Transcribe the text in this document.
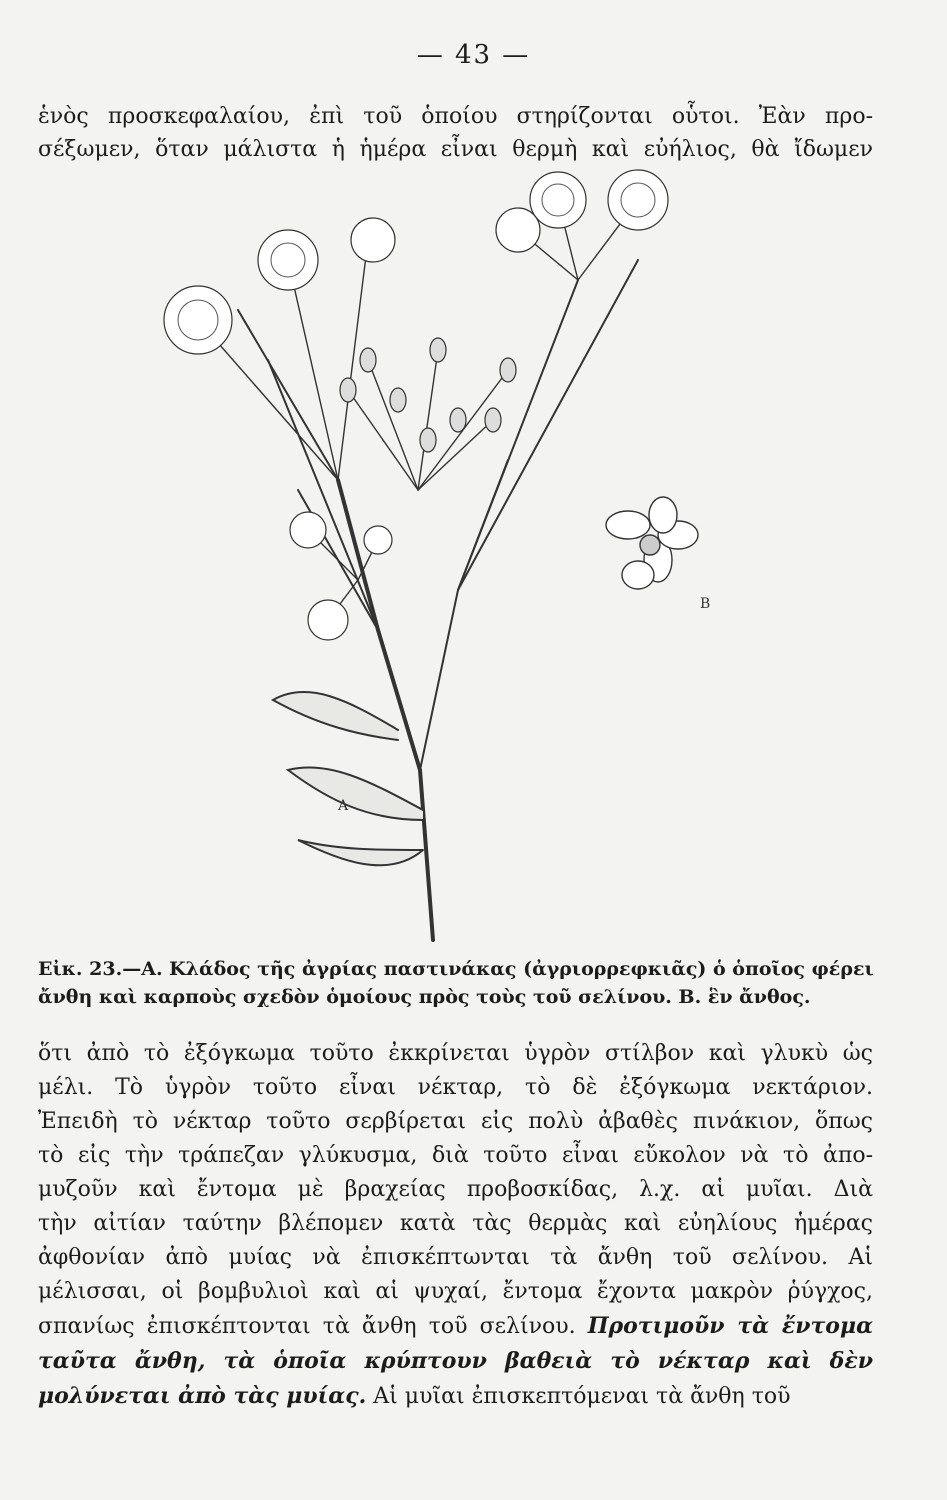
— 43 —
ἑνὸς προσκεφαλαίου, ἐπὶ τοῦ ὁποίου στηρίζονται οὗτοι. Ἐὰν προ-
σέξωμεν, ὅταν μάλιστα ἡ ἡμέρα εἶναι θερμὴ καὶ εὐήλιος, θὰ ἴδωμεν
Α
Β
Εἰκ. 23.—Α. Κλάδος τῆς ἀγρίας παστινάκας (ἀγριορρεφκιᾶς) ὁ ὁποῖος φέρει
ἄνθη καὶ καρποὺς σχεδὸν ὁμοίους πρὸς τοὺς τοῦ σελίνου. Β. ἓν ἄνθος.
ὅτι ἀπὸ τὸ ἐξόγκωμα τοῦτο ἐκκρίνεται ὑγρὸν στίλβον καὶ γλυκὺ ὡς
μέλι. Τὸ ὑγρὸν τοῦτο εἶναι νέκταρ, τὸ δὲ ἐξόγκωμα νεκτάριον.
Ἐπειδὴ τὸ νέκταρ τοῦτο σερβίρεται εἰς πολὺ ἀβαθὲς πινάκιον, ὅπως
τὸ εἰς τὴν τράπεζαν γλύκυσμα, διὰ τοῦτο εἶναι εὔκολον νὰ τὸ ἀπο-
μυζοῦν καὶ ἔντομα μὲ βραχείας προβοσκίδας, λ.χ. αἱ μυῖαι. Διὰ
τὴν αἰτίαν ταύτην βλέπομεν κατὰ τὰς θερμὰς καὶ εὐηλίους ἡμέρας
ἀφθονίαν ἀπὸ μυίας νὰ ἐπισκέπτωνται τὰ ἄνθη τοῦ σελίνου. Αἱ
μέλισσαι, οἱ βομβυλιοὶ καὶ αἱ ψυχαί, ἔντομα ἔχοντα μακρὸν ῥύγχος,
σπανίως ἐπισκέπτονται τὰ ἄνθη τοῦ σελίνου. Προτιμοῦν τὰ ἔντομα
ταῦτα ἄνθη, τὰ ὁποῖα κρύπτουν βαθειὰ τὸ νέκταρ καὶ δὲν
μολύνεται ἀπὸ τὰς μυίας. Αἱ μυῖαι ἐπισκεπτόμεναι τὰ ἄνθη τοῦ
